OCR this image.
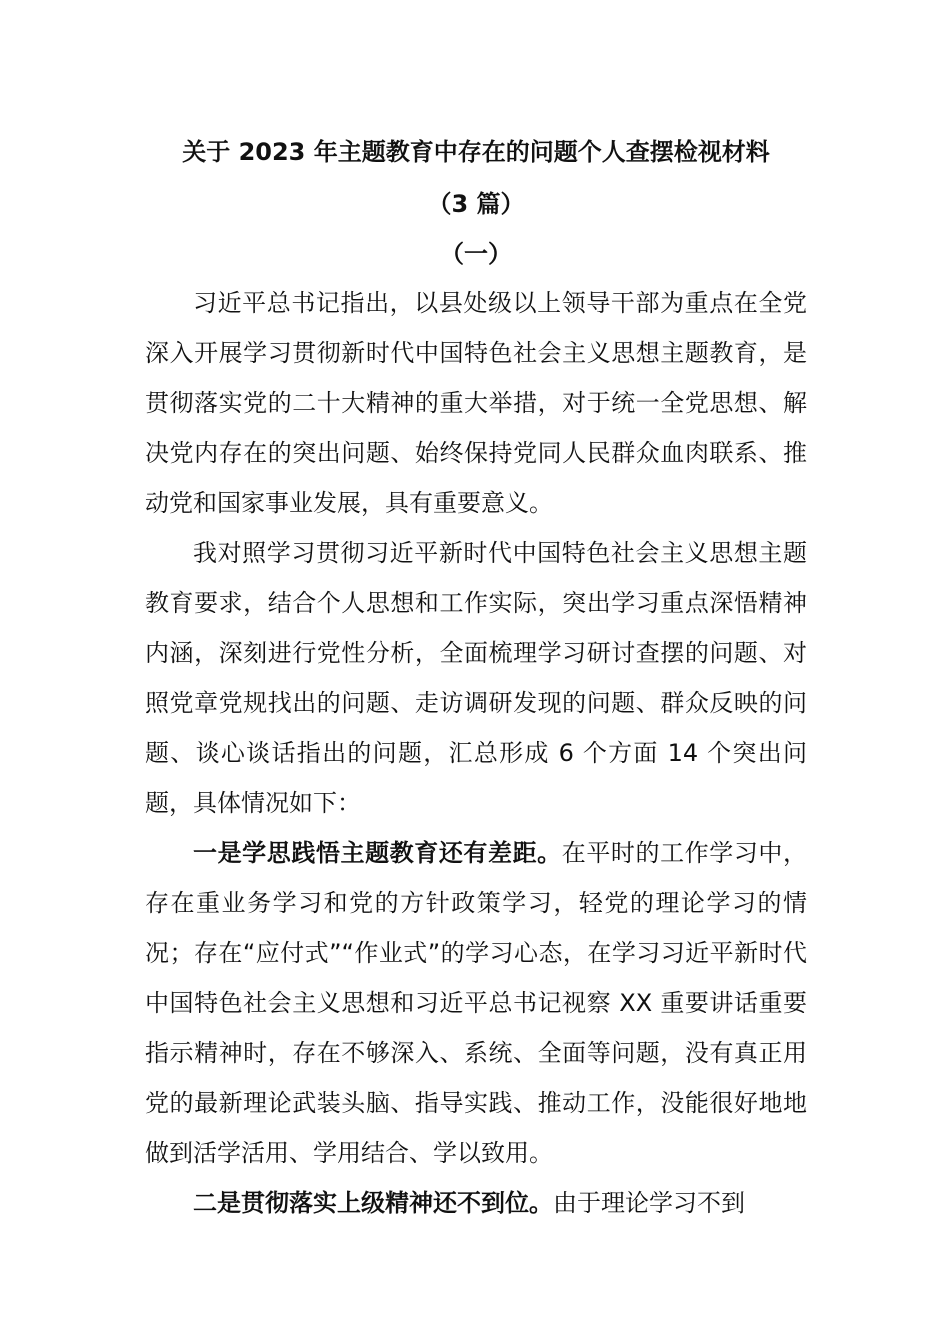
关于 2023 年主题教育中存在的问题个人查摆检视材料
（3 篇）
（一）

习近平总书记指出，以县处级以上领导干部为重点在全党深入开展学习贯彻新时代中国特色社会主义思想主题教育，是贯彻落实党的二十大精神的重大举措，对于统一全党思想、解决党内存在的突出问题、始终保持党同人民群众血肉联系、推动党和国家事业发展，具有重要意义。

我对照学习贯彻习近平新时代中国特色社会主义思想主题教育要求，结合个人思想和工作实际，突出学习重点深悟精神内涵，深刻进行党性分析，全面梳理学习研讨查摆的问题、对照党章党规找出的问题、走访调研发现的问题、群众反映的问题、谈心谈话指出的问题，汇总形成 6 个方面 14 个突出问题，具体情况如下：

一是学思践悟主题教育还有差距。在平时的工作学习中，存在重业务学习和党的方针政策学习，轻党的理论学习的情况；存在“应付式”“作业式”的学习心态，在学习习近平新时代中国特色社会主义思想和习近平总书记视察 XX 重要讲话重要指示精神时，存在不够深入、系统、全面等问题，没有真正用党的最新理论武装头脑、指导实践、推动工作，没能很好地地做到活学活用、学用结合、学以致用。

二是贯彻落实上级精神还不到位。由于理论学习不到
